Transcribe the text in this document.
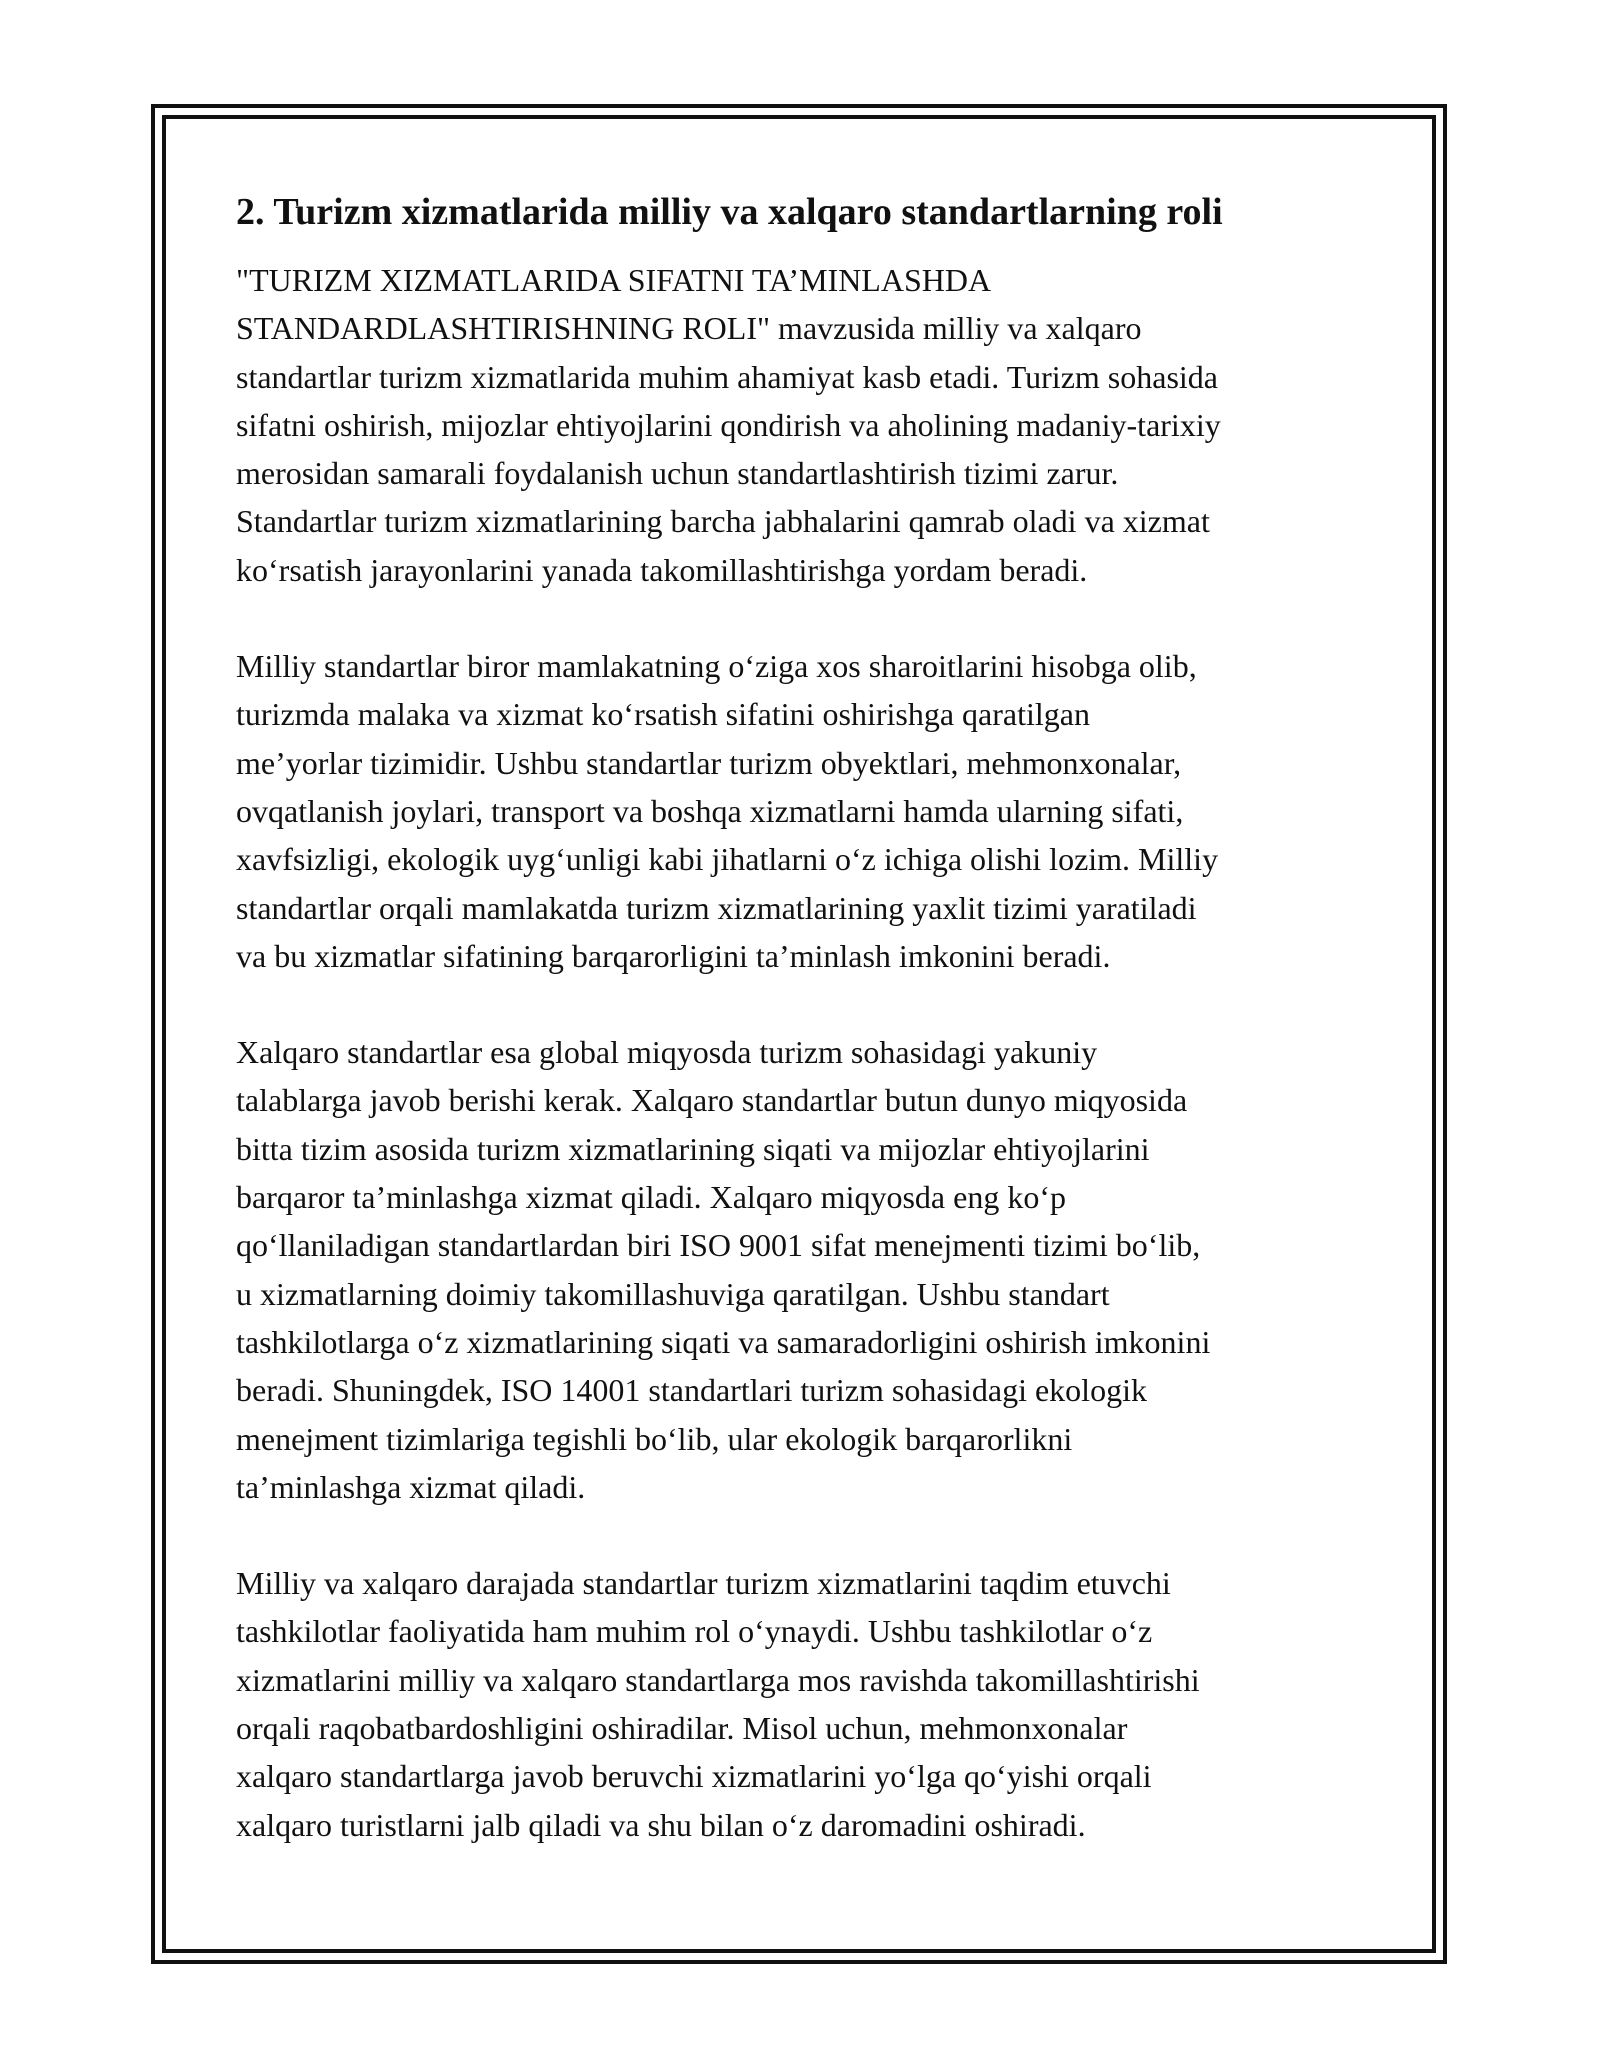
2. Turizm xizmatlarida milliy va xalqaro standartlarning roli

"TURIZM XIZMATLARIDA SIFATNI TA’MINLASHDA
STANDARDLASHTIRISHNING ROLI" mavzusida milliy va xalqaro
standartlar turizm xizmatlarida muhim ahamiyat kasb etadi. Turizm sohasida
sifatni oshirish, mijozlar ehtiyojlarini qondirish va aholining madaniy-tarixiy
merosidan samarali foydalanish uchun standartlashtirish tizimi zarur.
Standartlar turizm xizmatlarining barcha jabhalarini qamrab oladi va xizmat
ko‘rsatish jarayonlarini yanada takomillashtirishga yordam beradi.

Milliy standartlar biror mamlakatning o‘ziga xos sharoitlarini hisobga olib,
turizmda malaka va xizmat ko‘rsatish sifatini oshirishga qaratilgan
me’yorlar tizimidir. Ushbu standartlar turizm obyektlari, mehmonxonalar,
ovqatlanish joylari, transport va boshqa xizmatlarni hamda ularning sifati,
xavfsizligi, ekologik uyg‘unligi kabi jihatlarni o‘z ichiga olishi lozim. Milliy
standartlar orqali mamlakatda turizm xizmatlarining yaxlit tizimi yaratiladi
va bu xizmatlar sifatining barqarorligini ta’minlash imkonini beradi.

Xalqaro standartlar esa global miqyosda turizm sohasidagi yakuniy
talablarga javob berishi kerak. Xalqaro standartlar butun dunyo miqyosida
bitta tizim asosida turizm xizmatlarining siqati va mijozlar ehtiyojlarini
barqaror ta’minlashga xizmat qiladi. Xalqaro miqyosda eng ko‘p
qo‘llaniladigan standartlardan biri ISO 9001 sifat menejmenti tizimi bo‘lib,
u xizmatlarning doimiy takomillashuviga qaratilgan. Ushbu standart
tashkilotlarga o‘z xizmatlarining siqati va samaradorligini oshirish imkonini
beradi. Shuningdek, ISO 14001 standartlari turizm sohasidagi ekologik
menejment tizimlariga tegishli bo‘lib, ular ekologik barqarorlikni
ta’minlashga xizmat qiladi.

Milliy va xalqaro darajada standartlar turizm xizmatlarini taqdim etuvchi
tashkilotlar faoliyatida ham muhim rol o‘ynaydi. Ushbu tashkilotlar o‘z
xizmatlarini milliy va xalqaro standartlarga mos ravishda takomillashtirishi
orqali raqobatbardoshligini oshiradilar. Misol uchun, mehmonxonalar
xalqaro standartlarga javob beruvchi xizmatlarini yo‘lga qo‘yishi orqali
xalqaro turistlarni jalb qiladi va shu bilan o‘z daromadini oshiradi.
